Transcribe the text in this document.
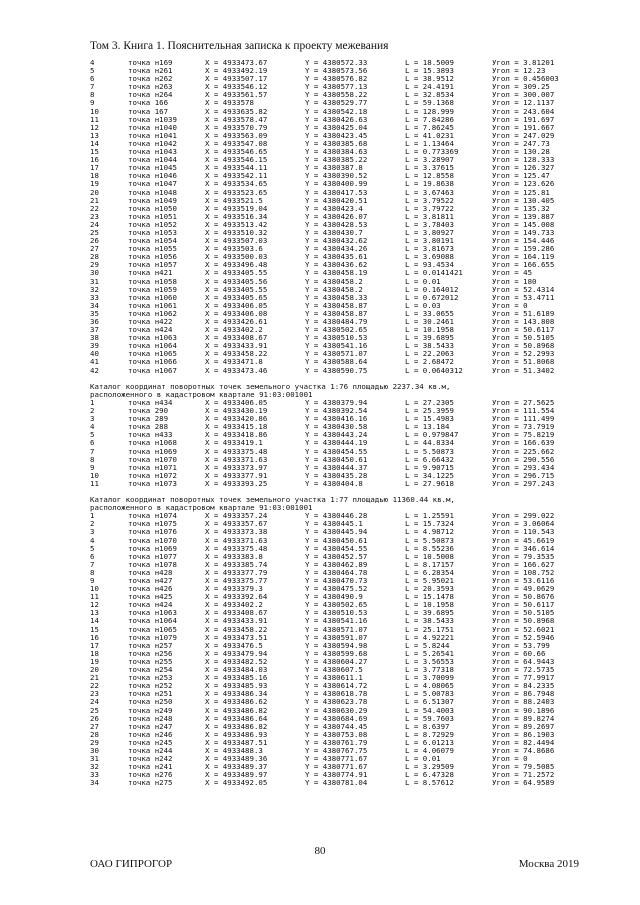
Том 3. Книга 1. Пояснительная записка к проекту межевания
4	точка н169	X = 4933473.67	Y = 4380572.33	L = 18.5009	Угол = 3.81201
5	точка н261	X = 4933492.19	Y = 4380573.56	L = 15.3893	Угол = 12.23
6	точка н262	X = 4933507.17	Y = 4380576.82	L = 38.9512	Угол = 0.456003
7	точка н263	X = 4933546.12	Y = 4380577.13	L = 24.4191	Угол = 309.25
8	точка н264	X = 4933561.57	Y = 4380558.22	L = 32.8534	Угол = 300.007
9	точка 166	X = 4933578	Y = 4380529.77	L = 59.1368	Угол = 12.1137
10	точка 167	X = 4933635.82	Y = 4380542.18	L = 128.999	Угол = 243.604
11	точка н1039	X = 4933578.47	Y = 4380426.63	L = 7.84286	Угол = 191.697
12	точка н1040	X = 4933570.79	Y = 4380425.04	L = 7.86245	Угол = 191.667
13	точка н1041	X = 4933563.09	Y = 4380423.45	L = 41.0231	Угол = 247.029
14	точка н1042	X = 4933547.08	Y = 4380385.68	L = 1.13464	Угол = 247.73
15	точка н1043	X = 4933546.65	Y = 4380384.63	L = 0.773369	Угол = 130.28
16	точка н1044	X = 4933546.15	Y = 4380385.22	L = 3.28907	Угол = 128.333
17	точка н1045	X = 4933544.11	Y = 4380387.8	L = 3.37615	Угол = 126.327
18	точка н1046	X = 4933542.11	Y = 4380390.52	L = 12.8558	Угол = 125.47
19	точка н1047	X = 4933534.65	Y = 4380400.99	L = 19.8638	Угол = 123.626
20	точка н1048	X = 4933523.65	Y = 4380417.53	L = 3.67463	Угол = 125.81
21	точка н1049	X = 4933521.5	Y = 4380420.51	L = 3.79522	Угол = 130.405
22	точка н1050	X = 4933519.04	Y = 4380423.4	L = 3.79722	Угол = 135.32
23	точка н1051	X = 4933516.34	Y = 4380426.07	L = 3.81811	Угол = 139.887
24	точка н1052	X = 4933513.42	Y = 4380428.53	L = 3.78403	Угол = 145.008
25	точка н1053	X = 4933510.32	Y = 4380430.7	L = 3.80927	Угол = 149.733
26	точка н1054	X = 4933507.03	Y = 4380432.62	L = 3.80191	Угол = 154.446
27	точка н1055	X = 4933503.6	Y = 4380434.26	L = 3.81673	Угол = 159.286
28	точка н1056	X = 4933500.03	Y = 4380435.61	L = 3.69088	Угол = 164.119
29	точка н1057	X = 4933496.48	Y = 4380436.62	L = 93.4534	Угол = 166.655
30	точка н421	X = 4933405.55	Y = 4380458.19	L = 0.0141421	Угол = 45
31	точка н1058	X = 4933405.56	Y = 4380458.2	L = 0.01	Угол = 180
32	точка н1059	X = 4933405.55	Y = 4380458.2	L = 0.164012	Угол = 52.4314
33	точка н1060	X = 4933405.65	Y = 4380458.33	L = 0.672012	Угол = 53.4711
34	точка н1061	X = 4933406.05	Y = 4380458.87	L = 0.03	Угол = 0
35	точка н1062	X = 4933406.08	Y = 4380458.87	L = 33.0655	Угол = 51.6189
36	точка н422	X = 4933426.61	Y = 4380484.79	L = 30.2461	Угол = 143.808
37	точка н424	X = 4933402.2	Y = 4380502.65	L = 10.1958	Угол = 50.6117
38	точка н1063	X = 4933408.67	Y = 4380510.53	L = 39.6895	Угол = 50.5105
39	точка н1064	X = 4933433.91	Y = 4380541.16	L = 38.5433	Угол = 50.8968
40	точка н1065	X = 4933458.22	Y = 4380571.07	L = 22.2063	Угол = 52.2993
41	точка н1066	X = 4933471.8	Y = 4380588.64	L = 2.68472	Угол = 51.8068
42	точка н1067	X = 4933473.46	Y = 4380590.75	L = 0.0640312	Угол = 51.3402
Каталог координат поворотных точек земельного участка 1:76 площадью 2237.34 кв.м,
расположенного в кадастровом квартале 91:03:001001
1	точка н434	X = 4933406.05	Y = 4380379.94	L = 27.2305	Угол = 27.5625
2	точка 290	X = 4933430.19	Y = 4380392.54	L = 25.3959	Угол = 111.554
3	точка 289	X = 4933420.86	Y = 4380416.16	L = 15.4983	Угол = 111.499
4	точка 288	X = 4933415.18	Y = 4380430.58	L = 13.184	Угол = 73.7919
5	точка н433	X = 4933418.86	Y = 4380443.24	L = 0.979847	Угол = 75.8219
6	точка н1068	X = 4933419.1	Y = 4380444.19	L = 44.8334	Угол = 166.639
7	точка н1069	X = 4933375.48	Y = 4380454.55	L = 5.50873	Угол = 225.662
8	точка н1070	X = 4933371.63	Y = 4380450.61	L = 6.66432	Угол = 290.556
9	точка н1071	X = 4933373.97	Y = 4380444.37	L = 9.90715	Угол = 293.434
10	точка н1072	X = 4933377.91	Y = 4380435.28	L = 34.1225	Угол = 296.715
11	точка н1073	X = 4933393.25	Y = 4380404.8	L = 27.9618	Угол = 297.243
Каталог координат поворотных точек земельного участка 1:77 площадью 11360.44 кв.м,
расположенного в кадастровом квартале 91:03:001001
1	точка н1074	X = 4933357.24	Y = 4380446.28	L = 1.25591	Угол = 299.022
2	точка н1075	X = 4933357.67	Y = 4380445.1	L = 15.7324	Угол = 3.06064
3	точка н1076	X = 4933373.38	Y = 4380445.94	L = 4.98712	Угол = 110.543
4	точка н1070	X = 4933371.63	Y = 4380450.61	L = 5.50873	Угол = 45.6619
5	точка н1069	X = 4933375.48	Y = 4380454.55	L = 8.55236	Угол = 346.614
6	точка н1077	X = 4933383.8	Y = 4380452.57	L = 10.5008	Угол = 79.3535
7	точка н1078	X = 4933385.74	Y = 4380462.89	L = 8.17157	Угол = 166.627
8	точка н428	X = 4933377.79	Y = 4380464.78	L = 6.28354	Угол = 108.752
9	точка н427	X = 4933375.77	Y = 4380470.73	L = 5.95021	Угол = 53.6116
10	точка н426	X = 4933379.3	Y = 4380475.52	L = 20.3593	Угол = 49.0629
11	точка н425	X = 4933392.64	Y = 4380490.9	L = 15.1478	Угол = 50.8676
12	точка н424	X = 4933402.2	Y = 4380502.65	L = 10.1958	Угол = 50.6117
13	точка н1063	X = 4933408.67	Y = 4380510.53	L = 39.6895	Угол = 50.5105
14	точка н1064	X = 4933433.91	Y = 4380541.16	L = 38.5433	Угол = 50.8968
15	точка н1065	X = 4933458.22	Y = 4380571.07	L = 25.1751	Угол = 52.6021
16	точка н1079	X = 4933473.51	Y = 4380591.07	L = 4.92221	Угол = 52.5946
17	точка н257	X = 4933476.5	Y = 4380594.98	L = 5.8244	Угол = 53.799
18	точка н256	X = 4933479.94	Y = 4380599.68	L = 5.26541	Угол = 60.66
19	точка н255	X = 4933482.52	Y = 4380604.27	L = 3.56553	Угол = 64.9443
20	точка н254	X = 4933484.03	Y = 4380607.5	L = 3.77318	Угол = 72.5735
21	точка н253	X = 4933485.16	Y = 4380611.1	L = 3.70099	Угол = 77.9917
22	точка н252	X = 4933485.93	Y = 4380614.72	L = 4.08065	Угол = 84.2335
23	точка н251	X = 4933486.34	Y = 4380618.78	L = 5.00783	Угол = 86.7948
24	точка н250	X = 4933486.62	Y = 4380623.78	L = 6.51307	Угол = 88.2403
25	точка н249	X = 4933486.82	Y = 4380630.29	L = 54.4003	Угол = 90.1896
26	точка н248	X = 4933486.64	Y = 4380684.69	L = 59.7603	Угол = 89.8274
27	точка н247	X = 4933486.82	Y = 4380744.45	L = 8.6397	Угол = 89.2697
28	точка н246	X = 4933486.93	Y = 4380753.08	L = 8.72929	Угол = 86.1903
29	точка н245	X = 4933487.51	Y = 4380761.79	L = 6.01213	Угол = 82.4494
30	точка н244	X = 4933488.3	Y = 4380767.75	L = 4.06079	Угол = 74.8686
31	точка н242	X = 4933489.36	Y = 4380771.67	L = 0.01	Угол = 0
32	точка н241	X = 4933489.37	Y = 4380771.67	L = 3.29509	Угол = 79.5085
33	точка н276	X = 4933489.97	Y = 4380774.91	L = 6.47328	Угол = 71.2572
34	точка н275	X = 4933492.05	Y = 4380781.04	L = 8.57612	Угол = 64.9589
80
ОАО ГИПРОГОР	Москва 2019
